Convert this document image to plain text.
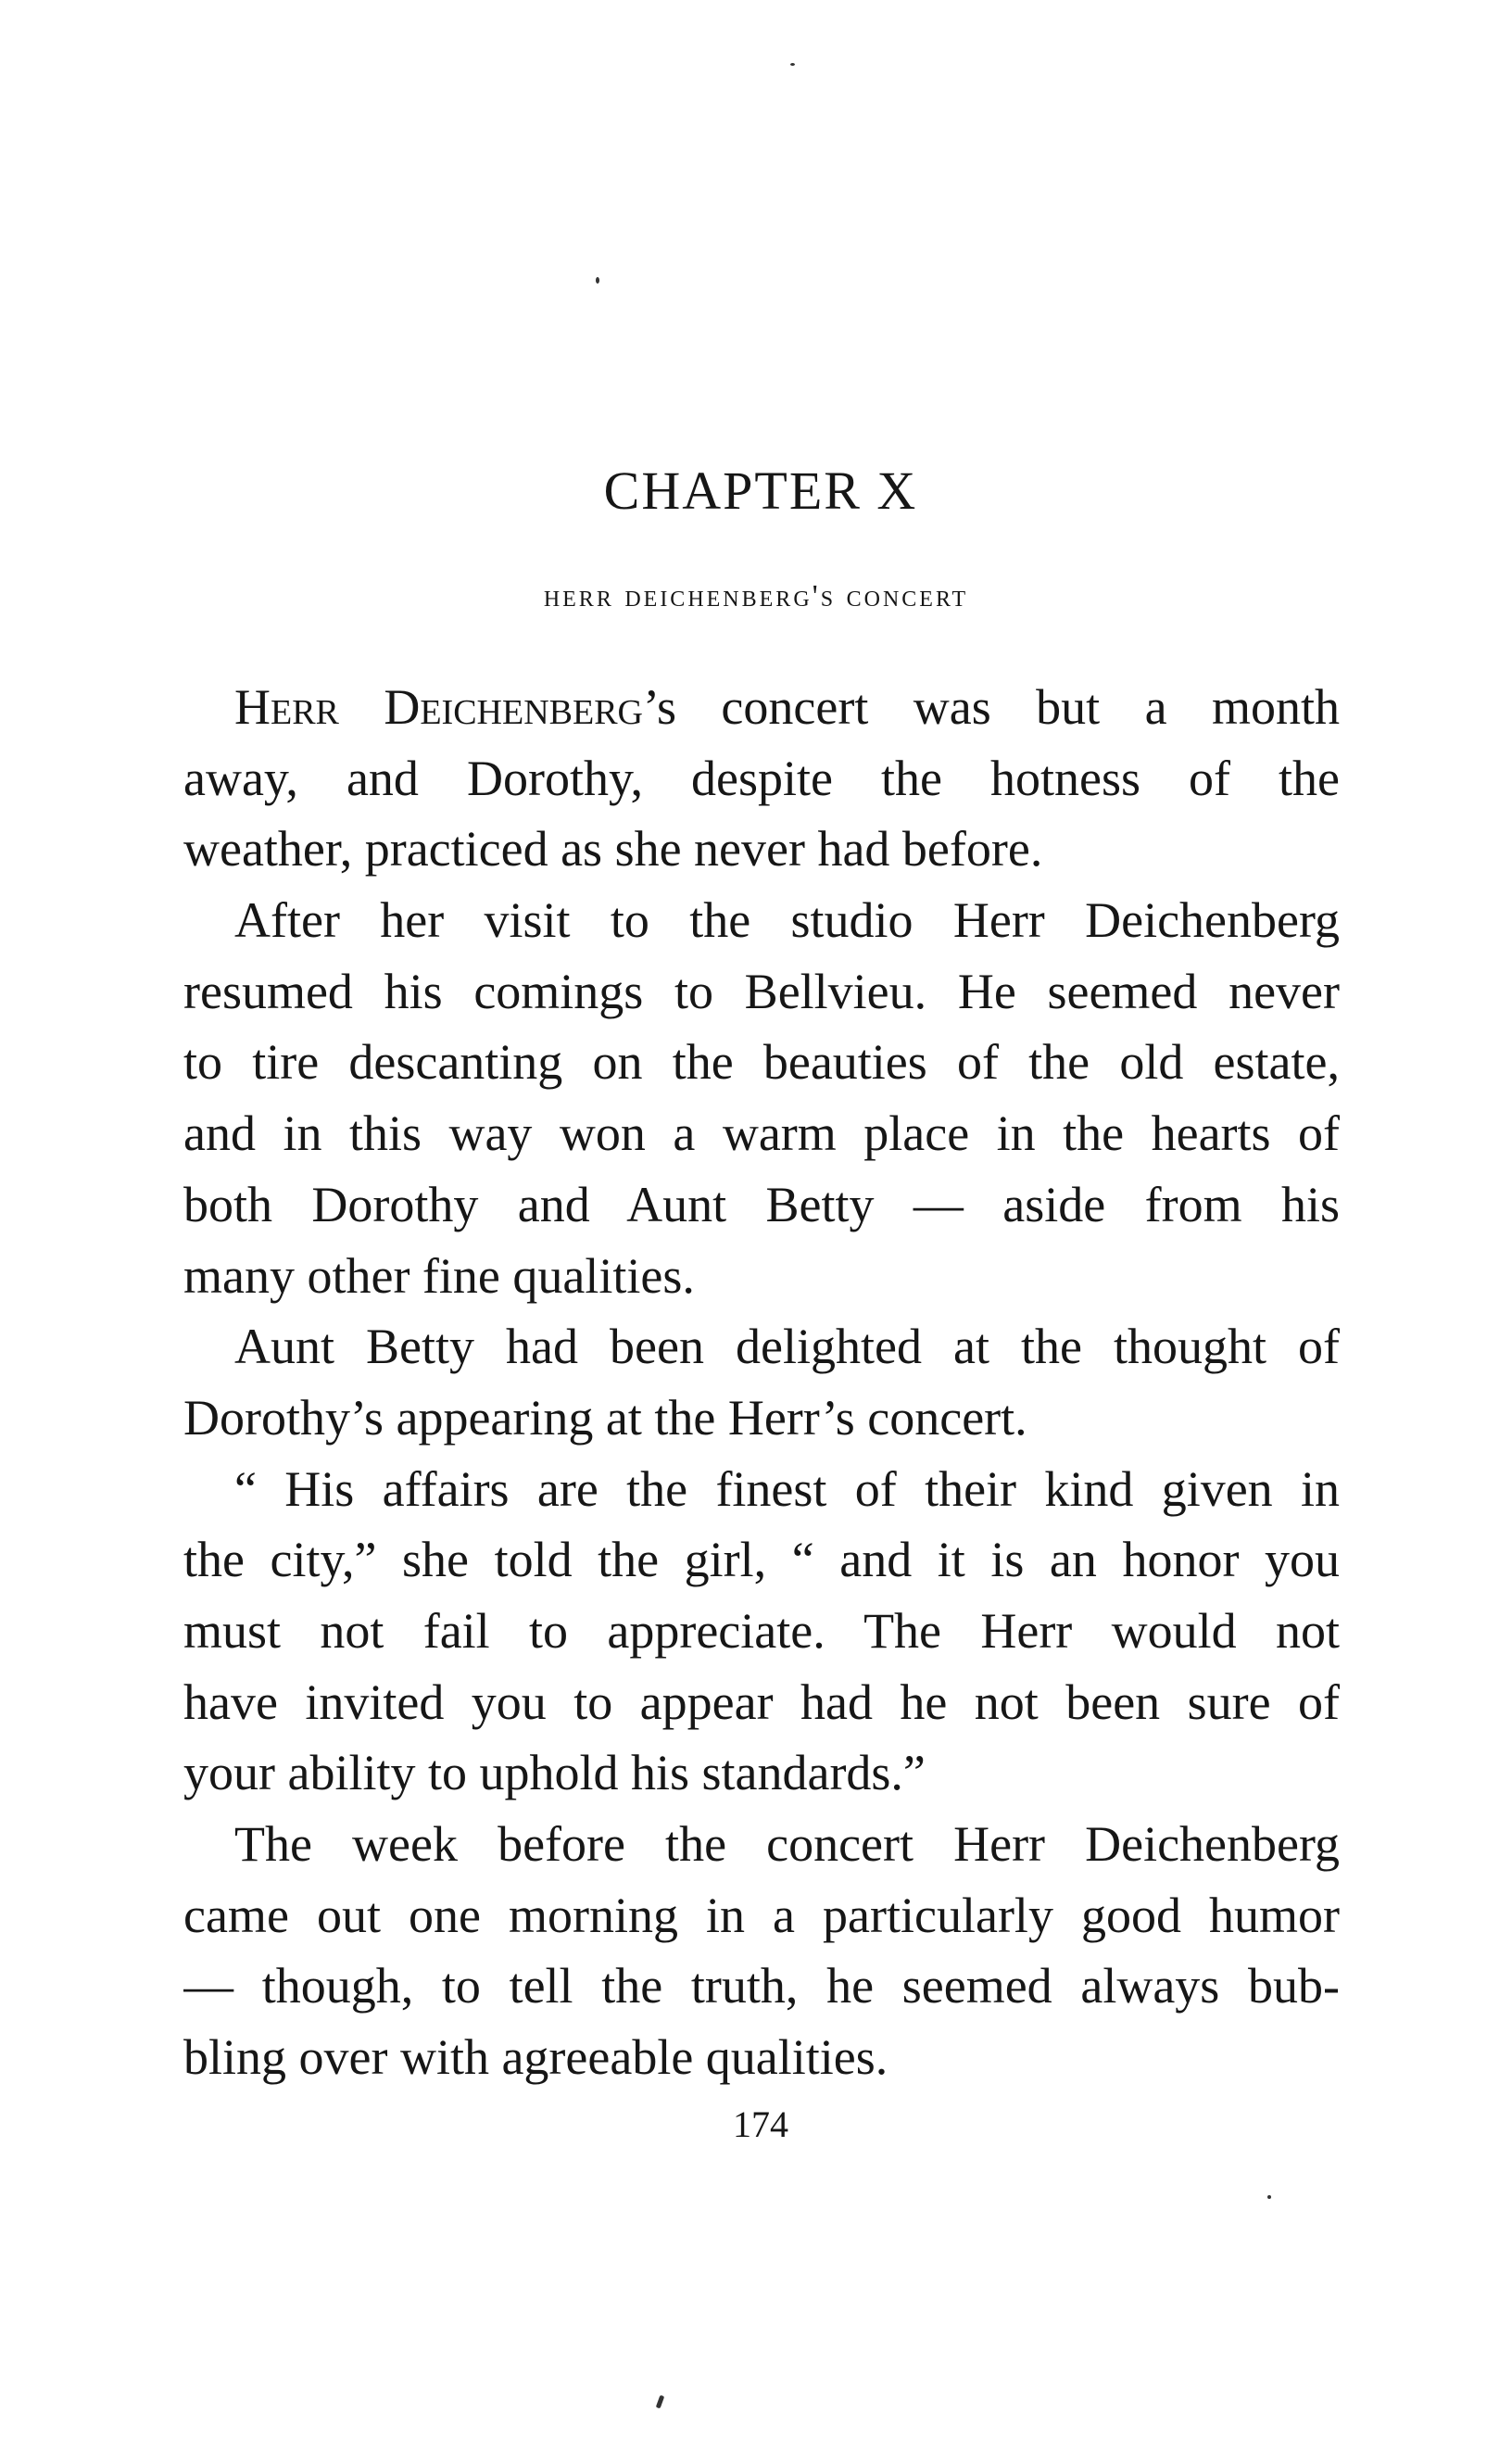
CHAPTER X
herr deichenberg's concert
Herr Deichenberg’s concert was but a month
away, and Dorothy, despite the hotness of the
weather, practiced as she never had before.
After her visit to the studio Herr Deichenberg
resumed his comings to Bellvieu. He seemed never
to tire descanting on the beauties of the old estate,
and in this way won a warm place in the hearts of
both Dorothy and Aunt Betty — aside from his
many other fine qualities.
Aunt Betty had been delighted at the thought of
Dorothy’s appearing at the Herr’s concert.
“ His affairs are the finest of their kind given in
the city,” she told the girl, “ and it is an honor you
must not fail to appreciate. The Herr would not
have invited you to appear had he not been sure of
your ability to uphold his standards.”
The week before the concert Herr Deichenberg
came out one morning in a particularly good humor
— though, to tell the truth, he seemed always bub-
bling over with agreeable qualities.
174
